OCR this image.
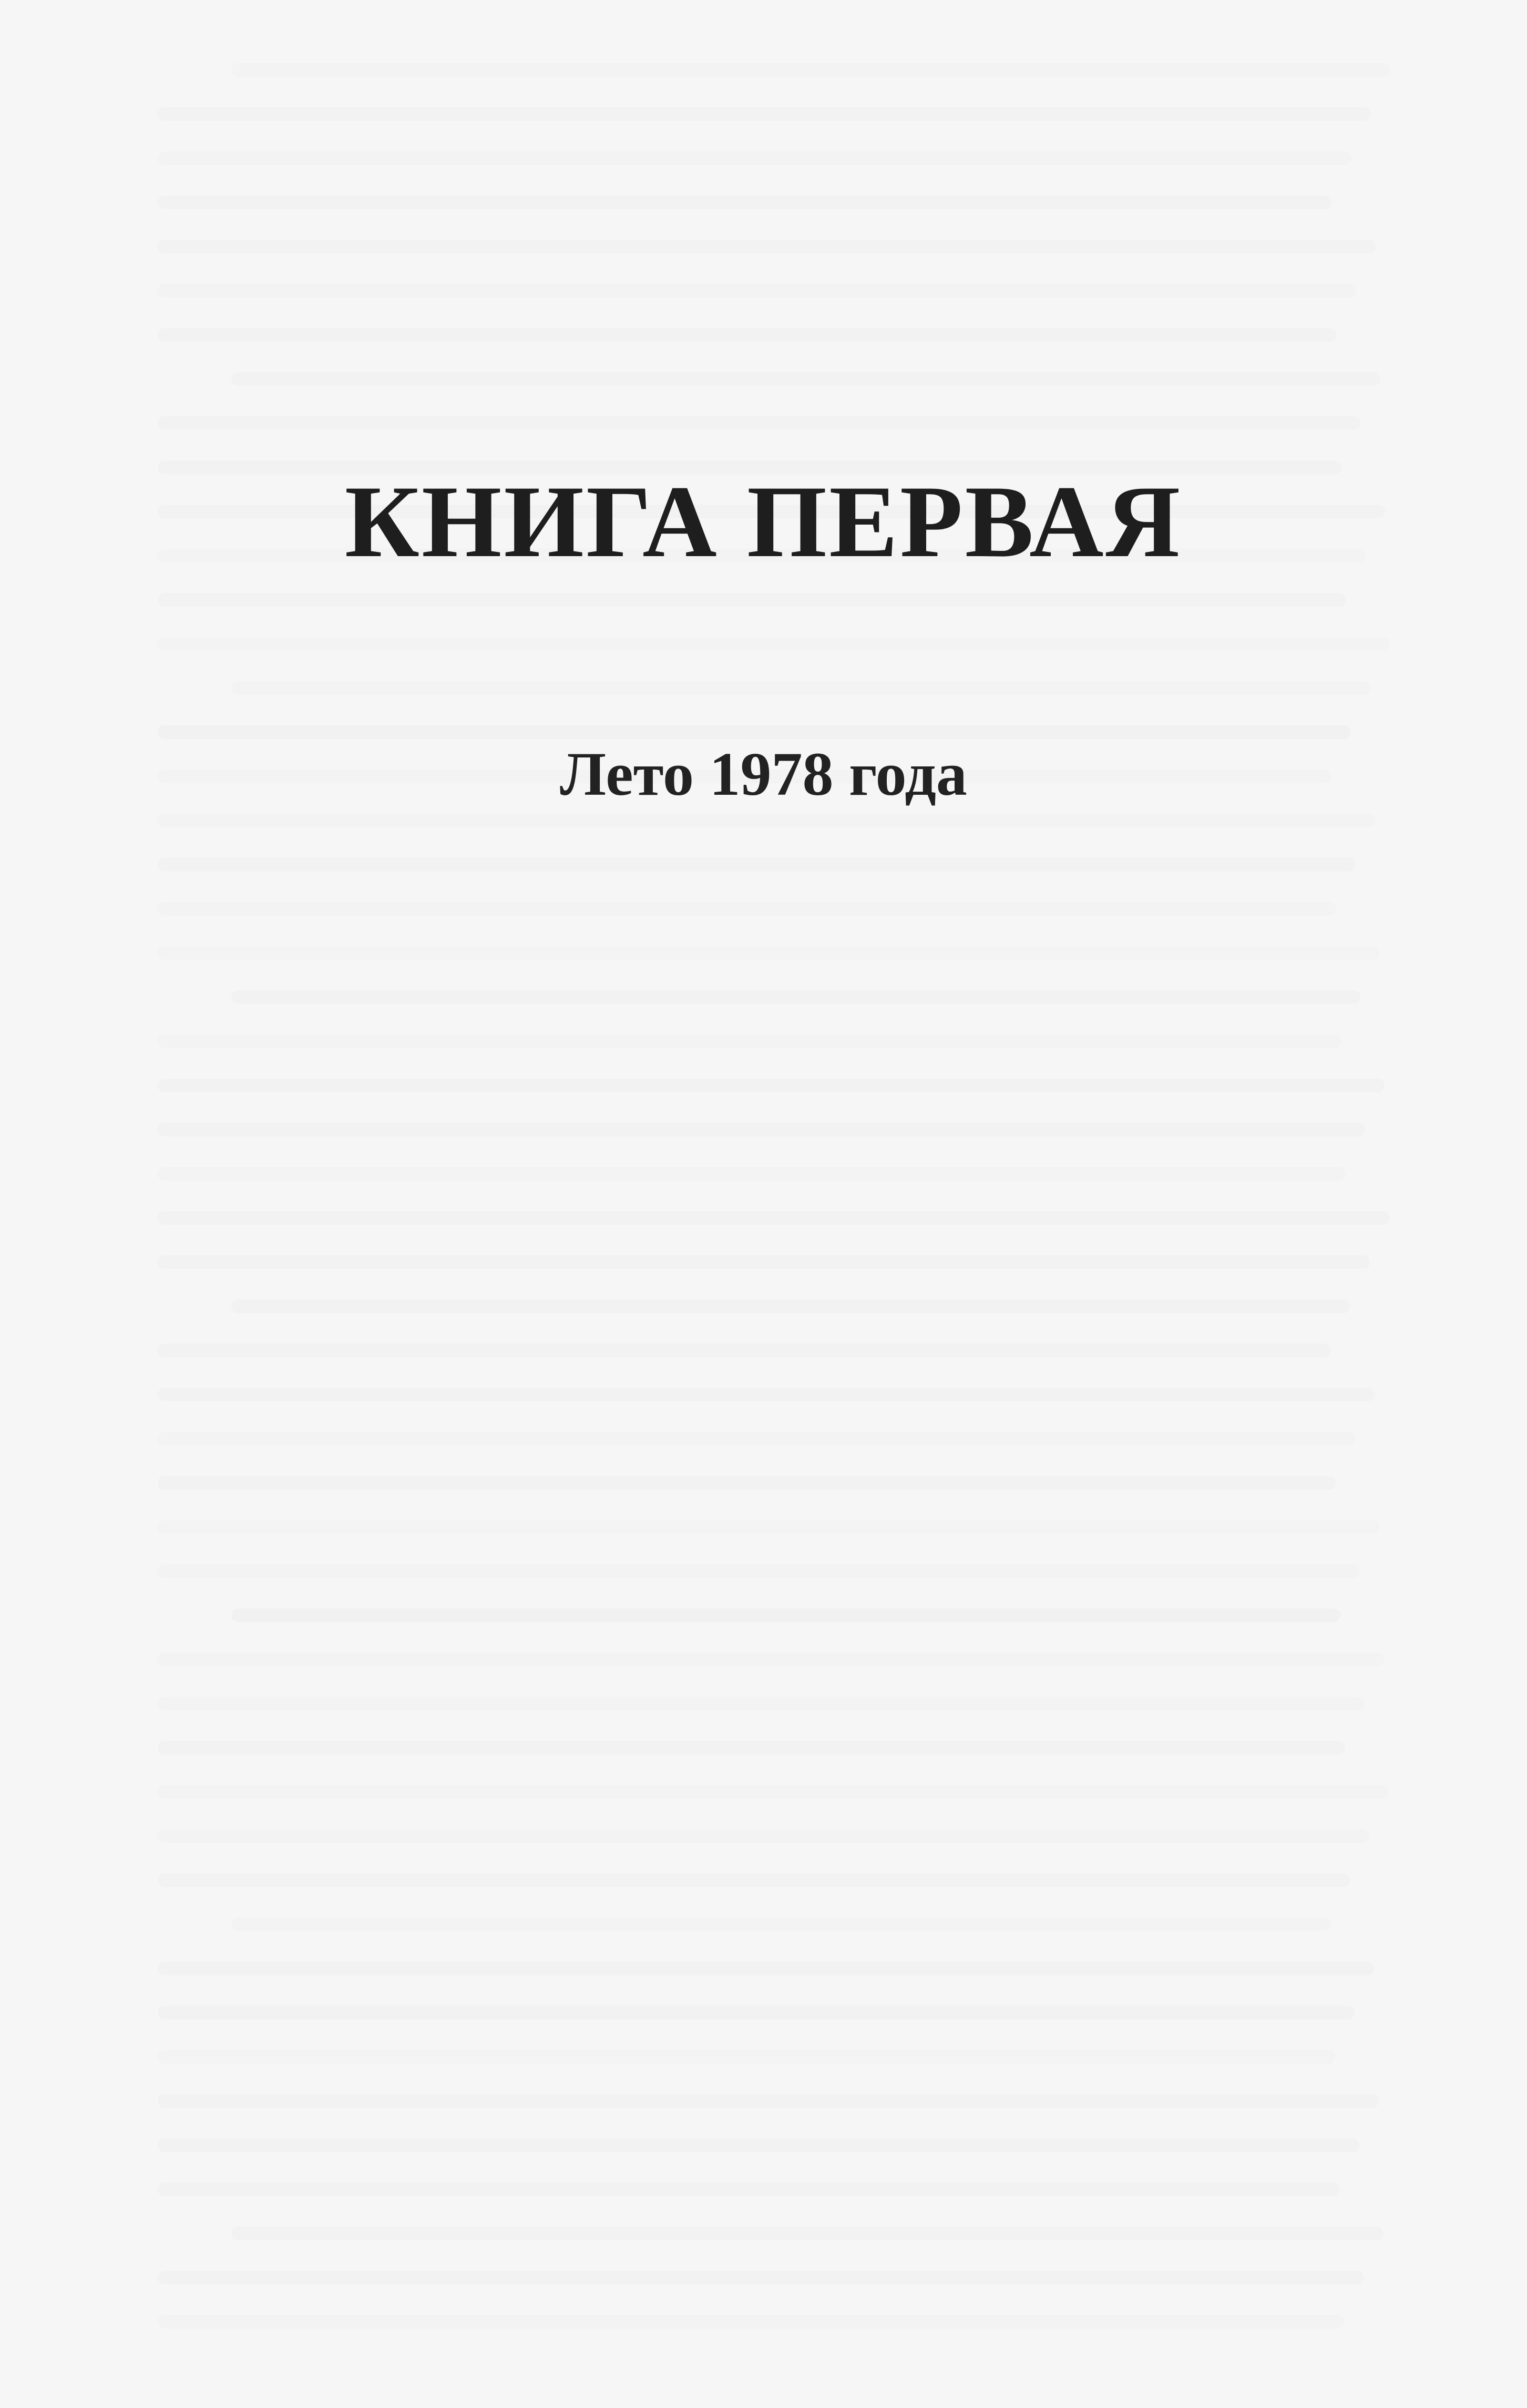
КНИГА ПЕРВАЯ
Лето 1978 года
